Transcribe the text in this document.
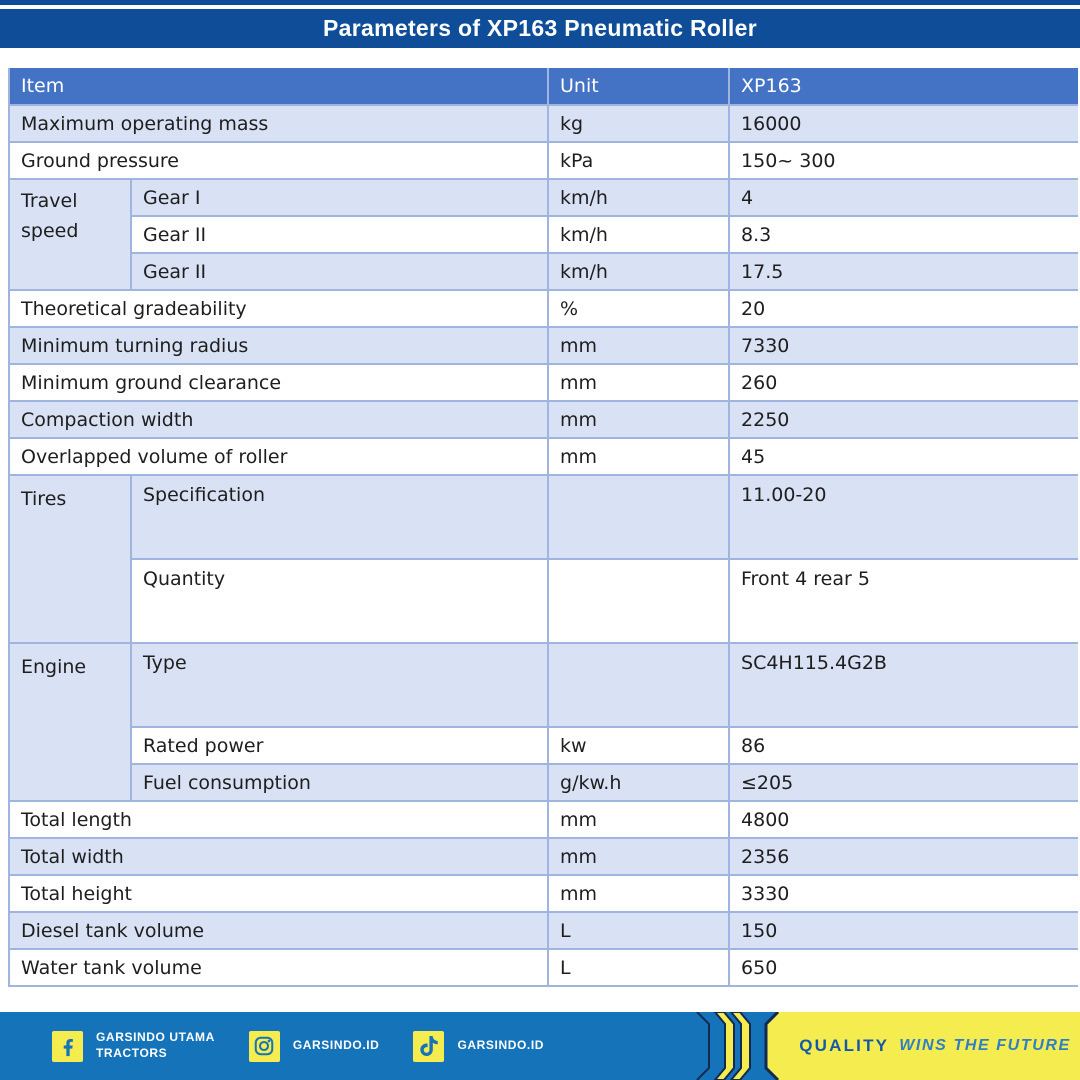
Parameters of XP163 Pneumatic Roller
Item		Unit	XP163
Maximum operating mass		kg	16000
Ground pressure		kPa	150~ 300
Travel speed	Gear I	km/h	4
	Gear II	km/h	8.3
	Gear II	km/h	17.5
Theoretical gradeability		%	20
Minimum turning radius		mm	7330
Minimum ground clearance		mm	260
Compaction width		mm	2250
Overlapped volume of roller		mm	45
Tires	Specification		11.00-20
	Quantity		Front 4 rear 5
Engine	Type		SC4H115.4G2B
	Rated power	kw	86
	Fuel consumption	g/kw.h	≤205
Total length		mm	4800
Total width		mm	2356
Total height		mm	3330
Diesel tank volume		L	150
Water tank volume		L	650
GARSINDO UTAMA
TRACTORS
GARSINDO.ID	GARSINDO.ID	QUALITY WINS THE FUTURE
